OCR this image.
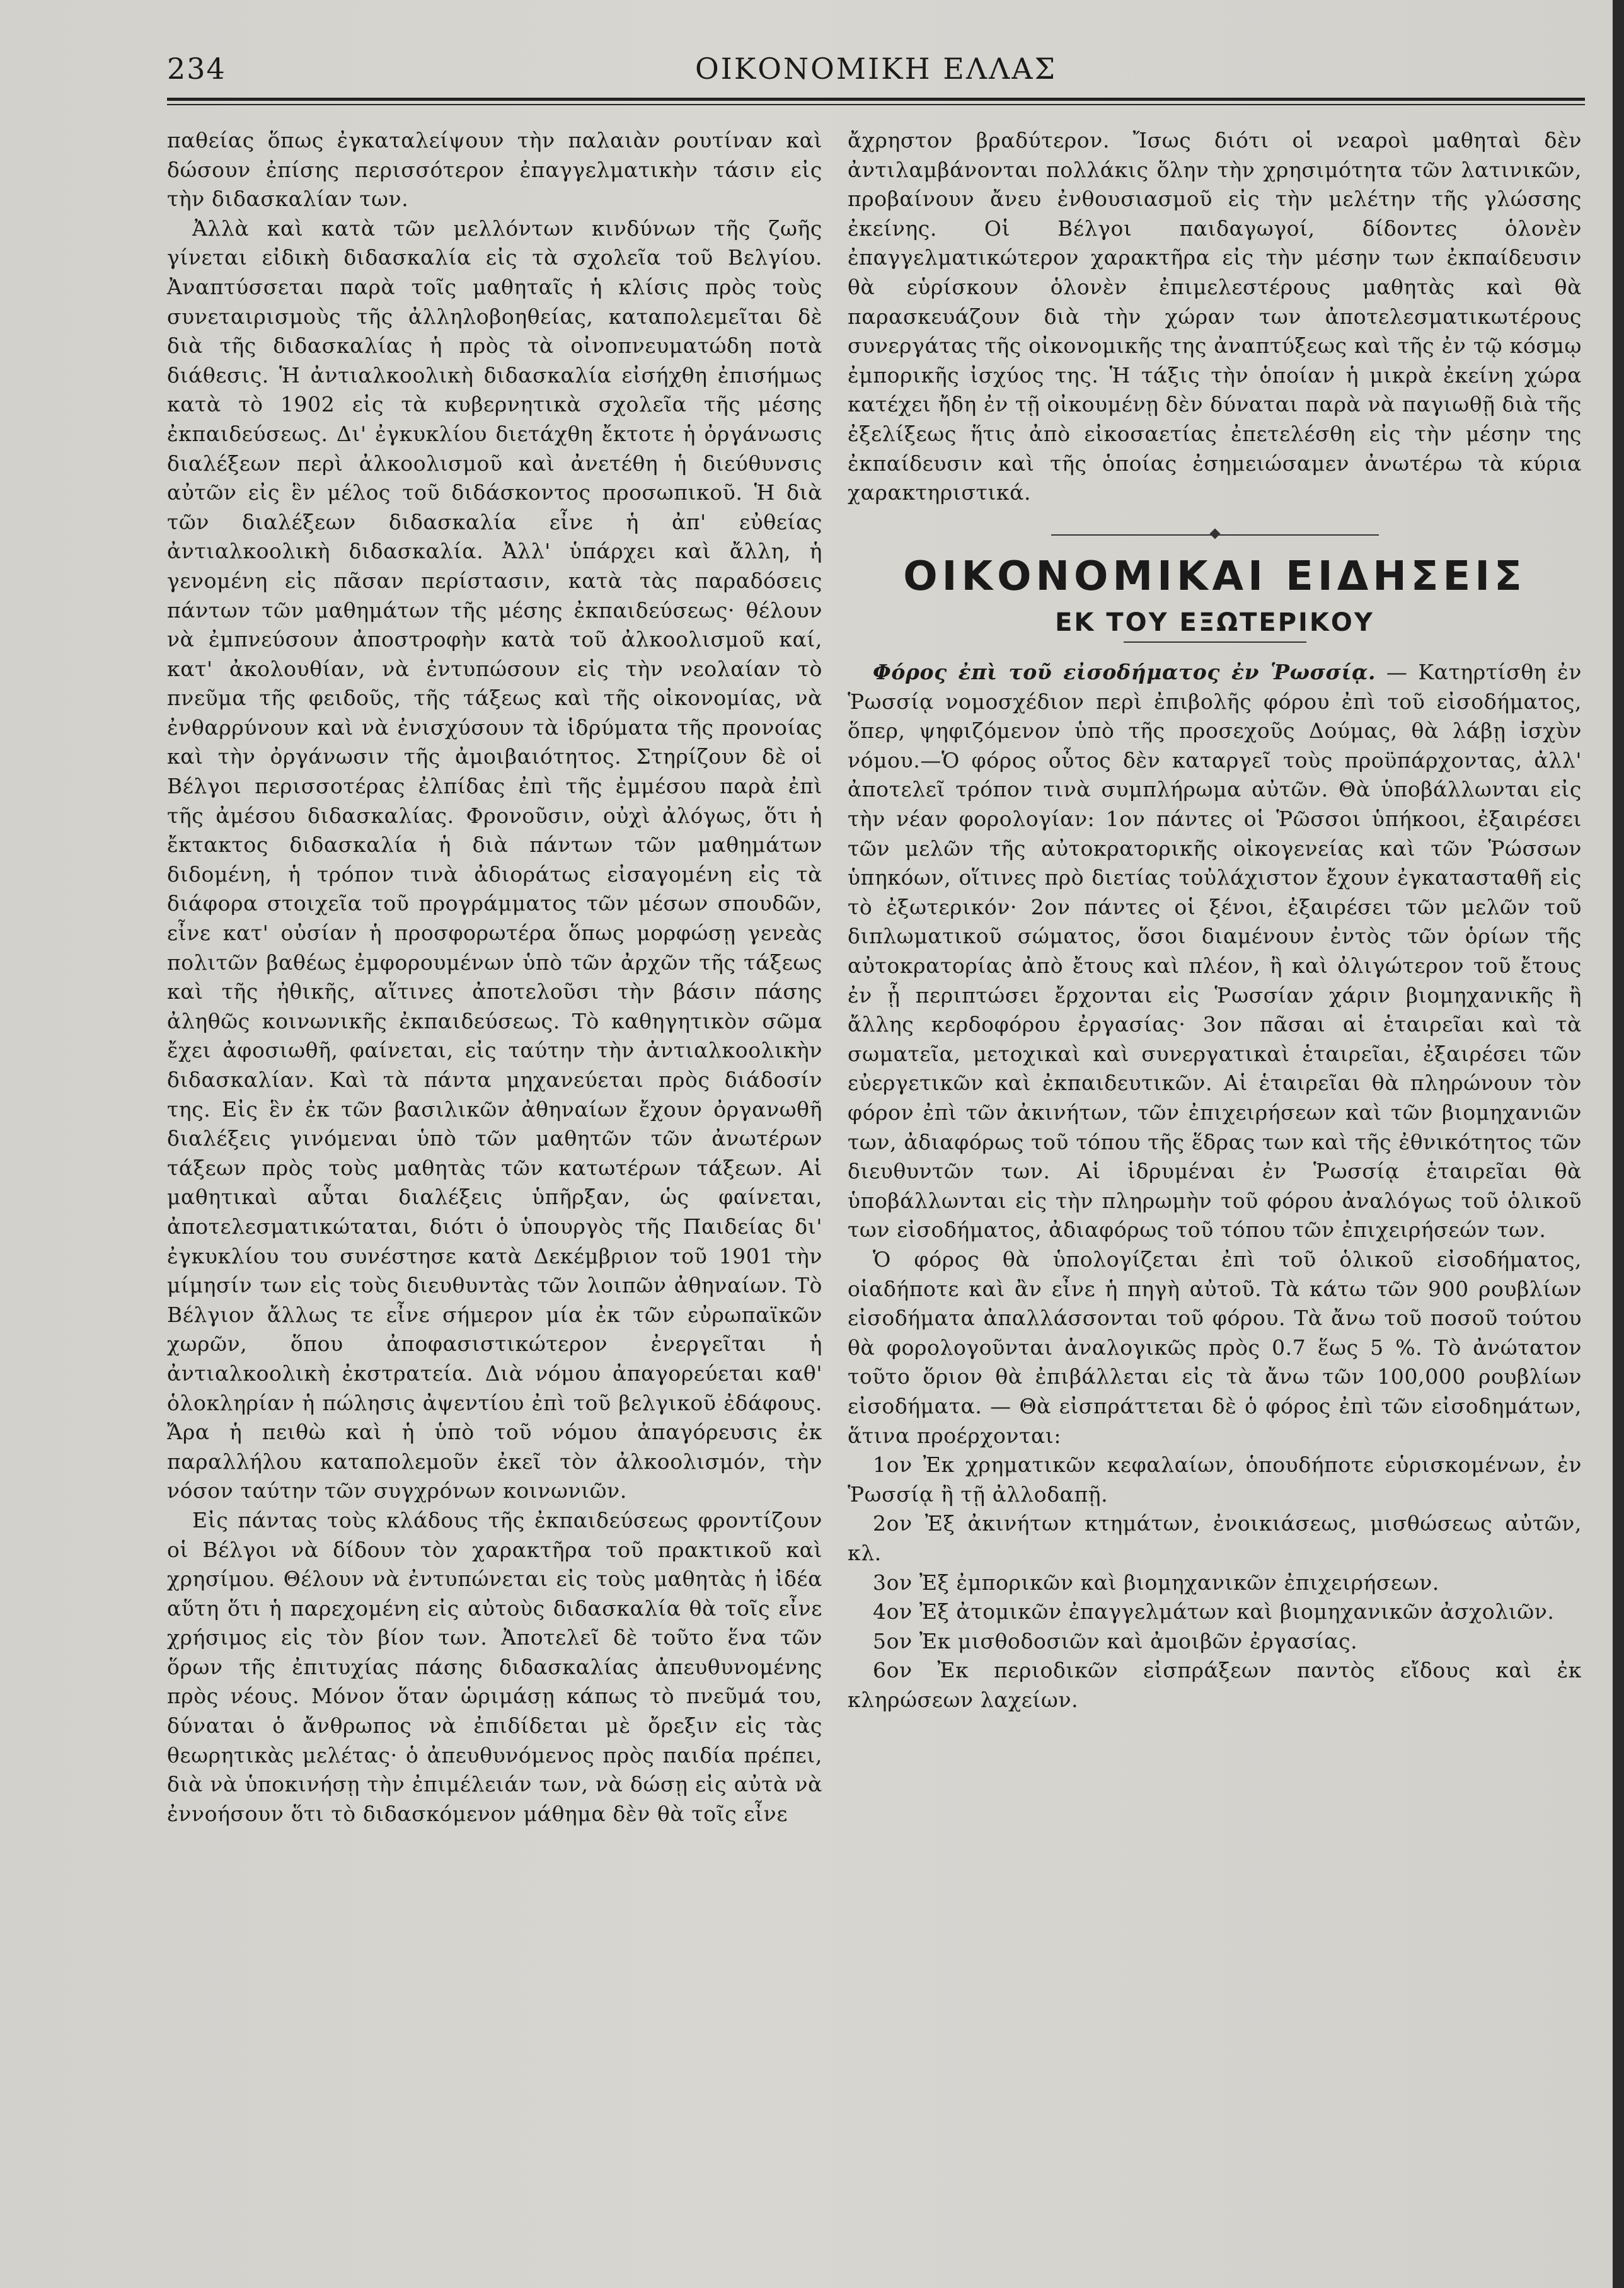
234	ΟΙΚΟΝΟΜΙΚΗ ΕΛΛΑΣ

παθείας ὅπως ἐγκαταλείψουν τὴν παλαιὰν ρουτίναν καὶ δώσουν ἐπίσης περισσότερον ἐπαγγελματικὴν τάσιν εἰς τὴν διδασκαλίαν των.

Ἀλλὰ καὶ κατὰ τῶν μελλόντων κινδύνων τῆς ζωῆς γίνεται εἰδικὴ διδασκαλία εἰς τὰ σχολεῖα τοῦ Βελγίου. Ἀναπτύσσεται παρὰ τοῖς μαθηταῖς ἡ κλίσις πρὸς τοὺς συνεταιρισμοὺς τῆς ἀλληλοβοηθείας, καταπολεμεῖται δὲ διὰ τῆς διδασκαλίας ἡ πρὸς τὰ οἰνοπνευματώδη ποτὰ διάθεσις. Ἡ ἀντιαλκοολικὴ διδασκαλία εἰσήχθη ἐπισήμως κατὰ τὸ 1902 εἰς τὰ κυβερνητικὰ σχολεῖα τῆς μέσης ἐκπαιδεύσεως. Δι' ἐγκυκλίου διετάχθη ἔκτοτε ἡ ὀργάνωσις διαλέξεων περὶ ἀλκοολισμοῦ καὶ ἀνετέθη ἡ διεύθυνσις αὐτῶν εἰς ἓν μέλος τοῦ διδάσκοντος προσωπικοῦ. Ἡ διὰ τῶν διαλέξεων διδασκαλία εἶνε ἡ ἀπ' εὐθείας ἀντιαλκοολικὴ διδασκαλία. Ἀλλ' ὑπάρχει καὶ ἄλλη, ἡ γενομένη εἰς πᾶσαν περίστασιν, κατὰ τὰς παραδόσεις πάντων τῶν μαθημάτων τῆς μέσης ἐκπαιδεύσεως· θέλουν νὰ ἐμπνεύσουν ἀποστροφὴν κατὰ τοῦ ἀλκοολισμοῦ καί, κατ' ἀκολουθίαν, νὰ ἐντυπώσουν εἰς τὴν νεολαίαν τὸ πνεῦμα τῆς φειδοῦς, τῆς τάξεως καὶ τῆς οἰκονομίας, νὰ ἐνθαρρύνουν καὶ νὰ ἐνισχύσουν τὰ ἱδρύματα τῆς προνοίας καὶ τὴν ὀργάνωσιν τῆς ἀμοιβαιότητος. Στηρίζουν δὲ οἱ Βέλγοι περισσοτέρας ἐλπίδας ἐπὶ τῆς ἐμμέσου παρὰ ἐπὶ τῆς ἀμέσου διδασκαλίας. Φρονοῦσιν, οὐχὶ ἀλόγως, ὅτι ἡ ἔκτακτος διδασκαλία ἡ διὰ πάντων τῶν μαθημάτων διδομένη, ἡ τρόπον τινὰ ἀδιοράτως εἰσαγομένη εἰς τὰ διάφορα στοιχεῖα τοῦ προγράμματος τῶν μέσων σπουδῶν, εἶνε κατ' οὐσίαν ἡ προσφορωτέρα ὅπως μορφώσῃ γενεὰς πολιτῶν βαθέως ἐμφορουμένων ὑπὸ τῶν ἀρχῶν τῆς τάξεως καὶ τῆς ἠθικῆς, αἵτινες ἀποτελοῦσι τὴν βάσιν πάσης ἀληθῶς κοινωνικῆς ἐκπαιδεύσεως. Τὸ καθηγητικὸν σῶμα ἔχει ἀφοσιωθῆ, φαίνεται, εἰς ταύτην τὴν ἀντιαλκοολικὴν διδασκαλίαν. Καὶ τὰ πάντα μηχανεύεται πρὸς διάδοσίν της. Εἰς ἓν ἐκ τῶν βασιλικῶν ἀθηναίων ἔχουν ὀργανωθῆ διαλέξεις γινόμεναι ὑπὸ τῶν μαθητῶν τῶν ἀνωτέρων τάξεων πρὸς τοὺς μαθητὰς τῶν κατωτέρων τάξεων. Αἱ μαθητικαὶ αὗται διαλέξεις ὑπῆρξαν, ὡς φαίνεται, ἀποτελεσματικώταται, διότι ὁ ὑπουργὸς τῆς Παιδείας δι' ἐγκυκλίου του συνέστησε κατὰ Δεκέμβριον τοῦ 1901 τὴν μίμησίν των εἰς τοὺς διευθυντὰς τῶν λοιπῶν ἀθηναίων. Τὸ Βέλγιον ἄλλως τε εἶνε σήμερον μία ἐκ τῶν εὐρωπαϊκῶν χωρῶν, ὅπου ἀποφασιστικώτερον ἐνεργεῖται ἡ ἀντιαλκοολικὴ ἐκστρατεία. Διὰ νόμου ἀπαγορεύεται καθ' ὁλοκληρίαν ἡ πώλησις ἀψεντίου ἐπὶ τοῦ βελγικοῦ ἐδάφους. Ἄρα ἡ πειθὼ καὶ ἡ ὑπὸ τοῦ νόμου ἀπαγόρευσις ἐκ παραλλήλου καταπολεμοῦν ἐκεῖ τὸν ἀλκοολισμόν, τὴν νόσον ταύτην τῶν συγχρόνων κοινωνιῶν.

Εἰς πάντας τοὺς κλάδους τῆς ἐκπαιδεύσεως φροντίζουν οἱ Βέλγοι νὰ δίδουν τὸν χαρακτῆρα τοῦ πρακτικοῦ καὶ χρησίμου. Θέλουν νὰ ἐντυπώνεται εἰς τοὺς μαθητὰς ἡ ἰδέα αὕτη ὅτι ἡ παρεχομένη εἰς αὐτοὺς διδασκαλία θὰ τοῖς εἶνε χρήσιμος εἰς τὸν βίον των. Ἀποτελεῖ δὲ τοῦτο ἕνα τῶν ὅρων τῆς ἐπιτυχίας πάσης διδασκαλίας ἀπευθυνομένης πρὸς νέους. Μόνον ὅταν ὡριμάσῃ κάπως τὸ πνεῦμά του, δύναται ὁ ἄνθρωπος νὰ ἐπιδίδεται μὲ ὄρεξιν εἰς τὰς θεωρητικὰς μελέτας· ὁ ἀπευθυνόμενος πρὸς παιδία πρέπει, διὰ νὰ ὑποκινήσῃ τὴν ἐπιμέλειάν των, νὰ δώσῃ εἰς αὐτὰ νὰ ἐννοήσουν ὅτι τὸ διδασκόμενον μάθημα δὲν θὰ τοῖς εἶνε

ἄχρηστον βραδύτερον. Ἴσως διότι οἱ νεαροὶ μαθηταὶ δὲν ἀντιλαμβάνονται πολλάκις ὅλην τὴν χρησιμότητα τῶν λατινικῶν, προβαίνουν ἄνευ ἐνθουσιασμοῦ εἰς τὴν μελέτην τῆς γλώσσης ἐκείνης. Οἱ Βέλγοι παιδαγωγοί, δίδοντες ὁλονὲν ἐπαγγελματικώτερον χαρακτῆρα εἰς τὴν μέσην των ἐκπαίδευσιν θὰ εὑρίσκουν ὁλονὲν ἐπιμελεστέρους μαθητὰς καὶ θὰ παρασκευάζουν διὰ τὴν χώραν των ἀποτελεσματικωτέρους συνεργάτας τῆς οἰκονομικῆς της ἀναπτύξεως καὶ τῆς ἐν τῷ κόσμῳ ἐμπορικῆς ἰσχύος της. Ἡ τάξις τὴν ὁποίαν ἡ μικρὰ ἐκείνη χώρα κατέχει ἤδη ἐν τῇ οἰκουμένῃ δὲν δύναται παρὰ νὰ παγιωθῇ διὰ τῆς ἐξελίξεως ἥτις ἀπὸ εἰκοσαετίας ἐπετελέσθη εἰς τὴν μέσην της ἐκπαίδευσιν καὶ τῆς ὁποίας ἐσημειώσαμεν ἀνωτέρω τὰ κύρια χαρακτηριστικά.

ΟΙΚΟΝΟΜΙΚΑΙ ΕΙΔΗΣΕΙΣ
ΕΚ ΤΟΥ ΕΞΩΤΕΡΙΚΟΥ

Φόρος ἐπὶ τοῦ εἰσοδήματος ἐν Ῥωσσίᾳ. — Κατηρτίσθη ἐν Ῥωσσίᾳ νομοσχέδιον περὶ ἐπιβολῆς φόρου ἐπὶ τοῦ εἰσοδήματος, ὅπερ, ψηφιζόμενον ὑπὸ τῆς προσεχοῦς Δούμας, θὰ λάβῃ ἰσχὺν νόμου.—Ὁ φόρος οὗτος δὲν καταργεῖ τοὺς προϋπάρχοντας, ἀλλ' ἀποτελεῖ τρόπον τινὰ συμπλήρωμα αὐτῶν. Θὰ ὑποβάλλωνται εἰς τὴν νέαν φορολογίαν: 1ον πάντες οἱ Ῥῶσσοι ὑπήκοοι, ἐξαιρέσει τῶν μελῶν τῆς αὐτοκρατορικῆς οἰκογενείας καὶ τῶν Ῥώσσων ὑπηκόων, οἵτινες πρὸ διετίας τοὐλάχιστον ἔχουν ἐγκατασταθῆ εἰς τὸ ἐξωτερικόν· 2ον πάντες οἱ ξένοι, ἐξαιρέσει τῶν μελῶν τοῦ διπλωματικοῦ σώματος, ὅσοι διαμένουν ἐντὸς τῶν ὁρίων τῆς αὐτοκρατορίας ἀπὸ ἔτους καὶ πλέον, ἢ καὶ ὀλιγώτερον τοῦ ἔτους ἐν ᾗ περιπτώσει ἔρχονται εἰς Ῥωσσίαν χάριν βιομηχανικῆς ἢ ἄλλης κερδοφόρου ἐργασίας· 3ον πᾶσαι αἱ ἑταιρεῖαι καὶ τὰ σωματεῖα, μετοχικαὶ καὶ συνεργατικαὶ ἑταιρεῖαι, ἐξαιρέσει τῶν εὐεργετικῶν καὶ ἐκπαιδευτικῶν. Αἱ ἑταιρεῖαι θὰ πληρώνουν τὸν φόρον ἐπὶ τῶν ἀκινήτων, τῶν ἐπιχειρήσεων καὶ τῶν βιομηχανιῶν των, ἀδιαφόρως τοῦ τόπου τῆς ἕδρας των καὶ τῆς ἐθνικότητος τῶν διευθυντῶν των. Αἱ ἱδρυμέναι ἐν Ῥωσσίᾳ ἑταιρεῖαι θὰ ὑποβάλλωνται εἰς τὴν πληρωμὴν τοῦ φόρου ἀναλόγως τοῦ ὁλικοῦ των εἰσοδήματος, ἀδιαφόρως τοῦ τόπου τῶν ἐπιχειρήσεών των.

Ὁ φόρος θὰ ὑπολογίζεται ἐπὶ τοῦ ὁλικοῦ εἰσοδήματος, οἱαδήποτε καὶ ἂν εἶνε ἡ πηγὴ αὐτοῦ. Τὰ κάτω τῶν 900 ρουβλίων εἰσοδήματα ἀπαλλάσσονται τοῦ φόρου. Τὰ ἄνω τοῦ ποσοῦ τούτου θὰ φορολογοῦνται ἀναλογικῶς πρὸς 0.7 ἕως 5 %. Τὸ ἀνώτατον τοῦτο ὅριον θὰ ἐπιβάλλεται εἰς τὰ ἄνω τῶν 100,000 ρουβλίων εἰσοδήματα. — Θὰ εἰσπράττεται δὲ ὁ φόρος ἐπὶ τῶν εἰσοδημάτων, ἅτινα προέρχονται:

1ον Ἐκ χρηματικῶν κεφαλαίων, ὁπουδήποτε εὑρισκομένων, ἐν Ῥωσσίᾳ ἢ τῇ ἀλλοδαπῇ.

2ον Ἐξ ἀκινήτων κτημάτων, ἐνοικιάσεως, μισθώσεως αὐτῶν, κλ.

3ον Ἐξ ἐμπορικῶν καὶ βιομηχανικῶν ἐπιχειρήσεων.

4ον Ἐξ ἀτομικῶν ἐπαγγελμάτων καὶ βιομηχανικῶν ἀσχολιῶν.

5ον Ἐκ μισθοδοσιῶν καὶ ἀμοιβῶν ἐργασίας.

6ον Ἐκ περιοδικῶν εἰσπράξεων παντὸς εἴδους καὶ ἐκ κληρώσεων λαχείων.
